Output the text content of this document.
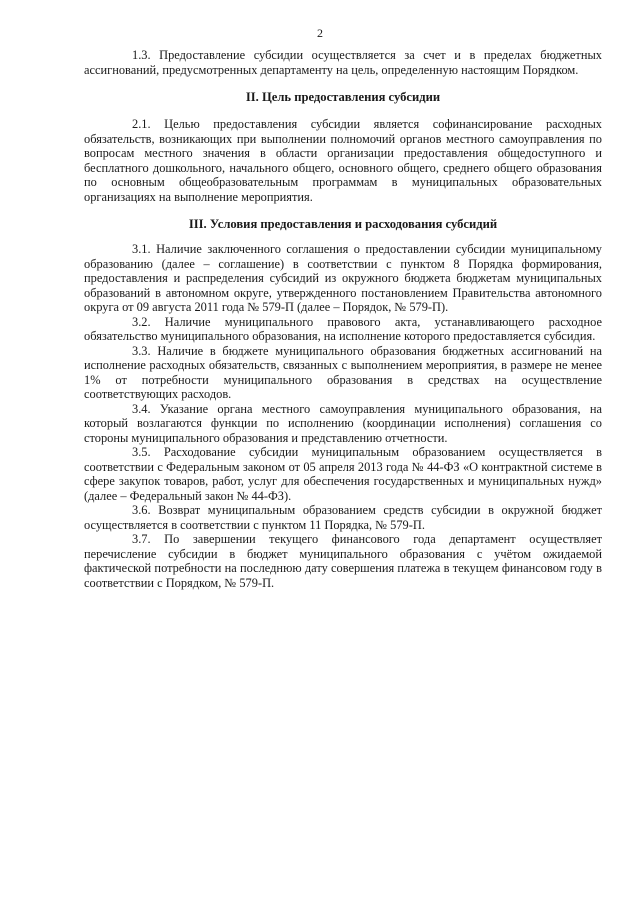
2

1.3. Предоставление субсидии осуществляется за счет и в пределах бюджетных ассигнований, предусмотренных департаменту на цель, определенную настоящим Порядком.

II. Цель предоставления субсидии

2.1. Целью предоставления субсидии является софинансирование расходных обязательств, возникающих при выполнении полномочий органов местного самоуправления по вопросам местного значения в области организации предоставления общедоступного и бесплатного дошкольного, начального общего, основного общего, среднего общего образования по основным общеобразовательным программам в муниципальных образовательных организациях на выполнение мероприятия.

III. Условия предоставления и расходования субсидий

3.1. Наличие заключенного соглашения о предоставлении субсидии муниципальному образованию (далее – соглашение) в соответствии с пунктом 8 Порядка формирования, предоставления и распределения субсидий из окружного бюджета бюджетам муниципальных образований в автономном округе, утвержденного постановлением Правительства автономного округа от 09 августа 2011 года № 579-П (далее – Порядок, № 579-П).

3.2. Наличие муниципального правового акта, устанавливающего расходное обязательство муниципального образования, на исполнение которого предоставляется субсидия.

3.3. Наличие в бюджете муниципального образования бюджетных ассигнований на исполнение расходных обязательств, связанных с выполнением мероприятия, в размере не менее 1% от потребности муниципального образования в средствах на осуществление соответствующих расходов.

3.4. Указание органа местного самоуправления муниципального образования, на который возлагаются функции по исполнению (координации исполнения) соглашения со стороны муниципального образования и представлению отчетности.

3.5. Расходование субсидии муниципальным образованием осуществляется в соответствии с Федеральным законом от 05 апреля 2013 года № 44-ФЗ «О контрактной системе в сфере закупок товаров, работ, услуг для обеспечения государственных и муниципальных нужд» (далее – Федеральный закон № 44-ФЗ).

3.6. Возврат муниципальным образованием средств субсидии в окружной бюджет осуществляется в соответствии с пунктом 11 Порядка, № 579-П.

3.7. По завершении текущего финансового года департамент осуществляет перечисление субсидии в бюджет муниципального образования с учётом ожидаемой фактической потребности на последнюю дату совершения платежа в текущем финансовом году в соответствии с Порядком, № 579-П.
